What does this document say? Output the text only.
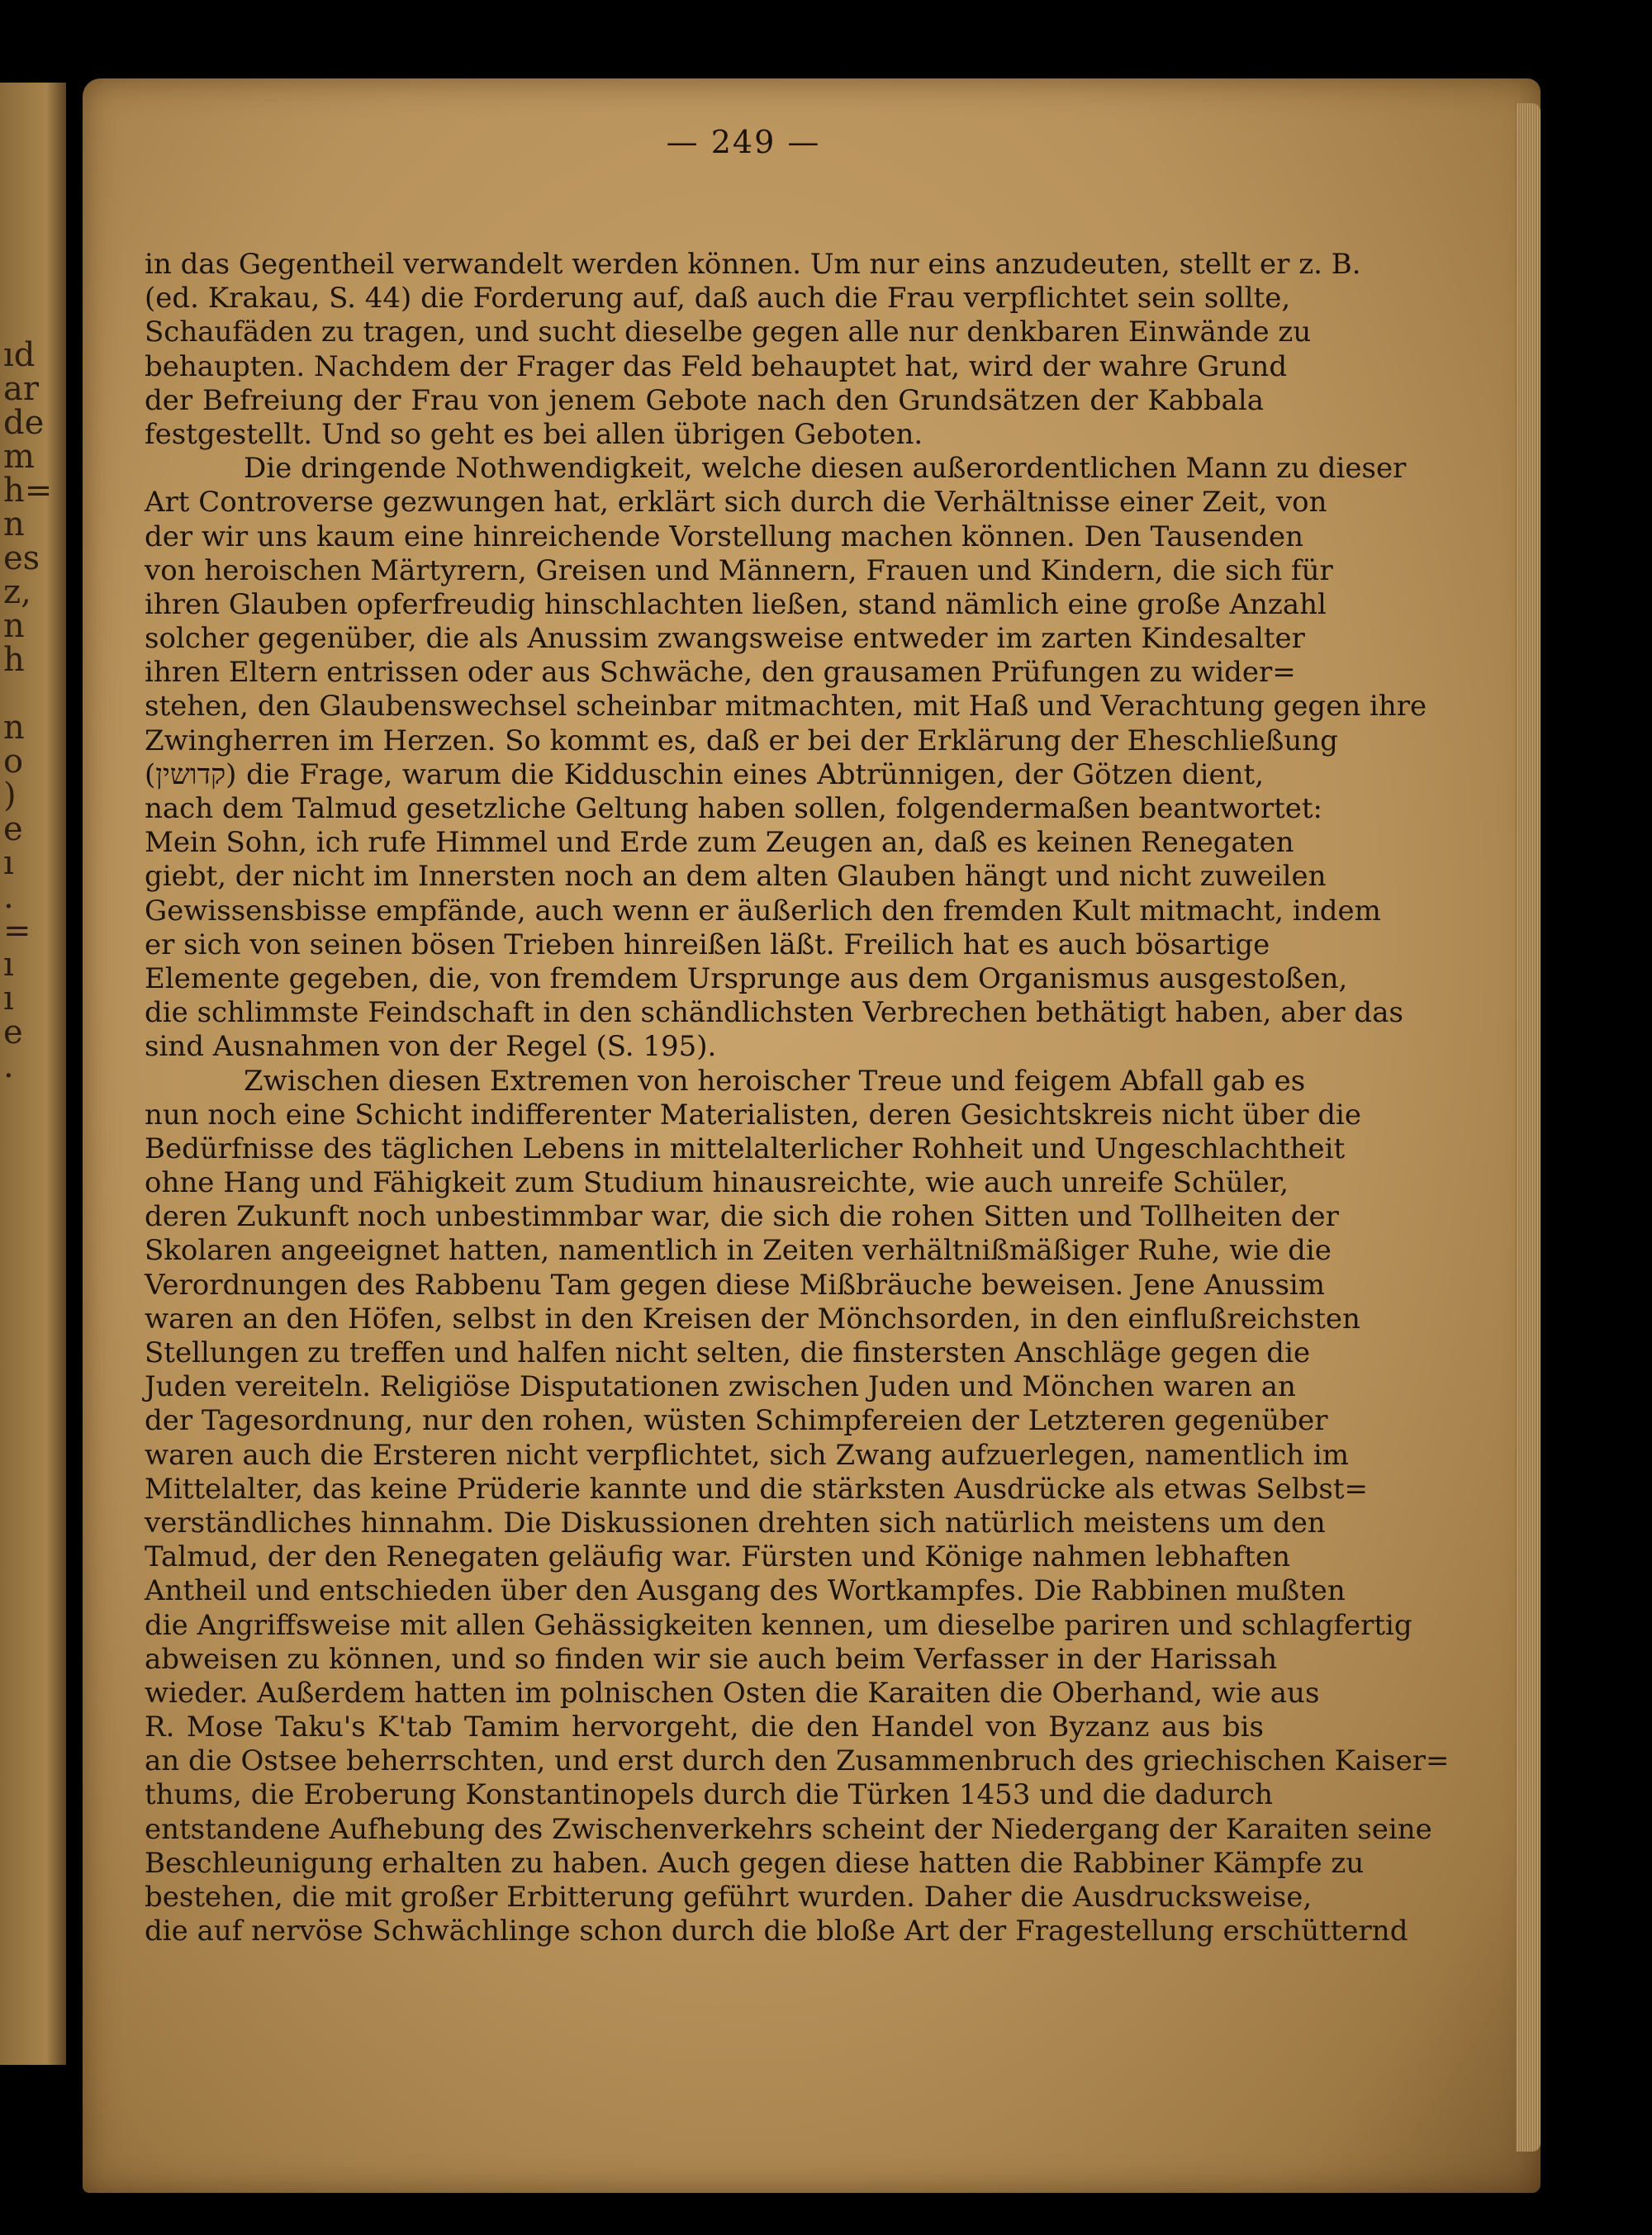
ıd
ar
de
m
h=
n
es
z,
n
h
n
o
)
e
ı
.
=
ı
ı
e
.
— 249 —
in das Gegentheil verwandelt werden können. Um nur eins anzudeuten, stellt er z. B.
(ed. Krakau, S. 44) die Forderung auf, daß auch die Frau verpflichtet sein sollte,
Schaufäden zu tragen, und sucht dieselbe gegen alle nur denkbaren Einwände zu
behaupten. Nachdem der Frager das Feld behauptet hat, wird der wahre Grund
der Befreiung der Frau von jenem Gebote nach den Grundsätzen der Kabbala
festgestellt. Und so geht es bei allen übrigen Geboten.
Die dringende Nothwendigkeit, welche diesen außerordentlichen Mann zu dieser
Art Controverse gezwungen hat, erklärt sich durch die Verhältnisse einer Zeit, von
der wir uns kaum eine hinreichende Vorstellung machen können. Den Tausenden
von heroischen Märtyrern, Greisen und Männern, Frauen und Kindern, die sich für
ihren Glauben opferfreudig hinschlachten ließen, stand nämlich eine große Anzahl
solcher gegenüber, die als Anussim zwangsweise entweder im zarten Kindesalter
ihren Eltern entrissen oder aus Schwäche, den grausamen Prüfungen zu wider=
stehen, den Glaubenswechsel scheinbar mitmachten, mit Haß und Verachtung gegen ihre
Zwingherren im Herzen. So kommt es, daß er bei der Erklärung der Eheschließung
(קדושין) die Frage, warum die Kiddusch​in eines Abtrünnigen, der Götzen dient,
nach dem Talmud gesetzliche Geltung haben sollen, folgendermaßen beantwortet:
Mein Sohn, ich rufe Himmel und Erde zum Zeugen an, daß es keinen Renegaten
giebt, der nicht im Innersten noch an dem alten Glauben hängt und nicht zuweilen
Gewissensbisse empfände, auch wenn er äußerlich den fremden Kult mitmacht, indem
er sich von seinen bösen Trieben hinreißen läßt. Freilich hat es auch bösartige
Elemente gegeben, die, von fremdem Ursprunge aus dem Organismus ausgestoßen,
die schlimmste Feindschaft in den schändlichsten Verbrechen bethätigt haben, aber das
sind Ausnahmen von der Regel (S. 195).
Zwischen diesen Extremen von heroischer Treue und feigem Abfall gab es
nun noch eine Schicht indifferenter Materialisten, deren Gesichtskreis nicht über die
Bedürfnisse des täglichen Lebens in mittelalterlicher Rohheit und Ungeschlachtheit
ohne Hang und Fähigkeit zum Studium hinausreichte, wie auch unreife Schüler,
deren Zukunft noch unbestimmbar war, die sich die rohen Sitten und Tollheiten der
Skolaren angeeignet hatten, namentlich in Zeiten verhältnißmäßiger Ruhe, wie die
Verordnungen des Rabbenu Tam gegen diese Mißbräuche beweisen. Jene Anussim
waren an den Höfen, selbst in den Kreisen der Mönchsorden, in den einflußreichsten
Stellungen zu treffen und halfen nicht selten, die finstersten Anschläge gegen die
Juden vereiteln. Religiöse Disputationen zwischen Juden und Mönchen waren an
der Tagesordnung, nur den rohen, wüsten Schimpfereien der Letzteren gegenüber
waren auch die Ersteren nicht verpflichtet, sich Zwang aufzuerlegen, namentlich im
Mittelalter, das keine Prüderie kannte und die stärksten Ausdrücke als etwas Selbst=
verständliches hinnahm. Die Diskussionen drehten sich natürlich meistens um den
Talmud, der den Renegaten geläufig war. Fürsten und Könige nahmen lebhaften
Antheil und entschieden über den Ausgang des Wortkampfes. Die Rabbinen mußten
die Angriffsweise mit allen Gehässigkeiten kennen, um dieselbe pariren und schlagfertig
abweisen zu können, und so finden wir sie auch beim Verfasser in der Harissah
wieder. Außerdem hatten im polnischen Osten die Karaiten die Oberhand, wie aus
R. Mose Taku's K'tab Tamim hervorgeht, die den Handel von Byzanz aus bis
an die Ostsee beherrschten, und erst durch den Zusammenbruch des griechischen Kaiser=
thums, die Eroberung Konstantinopels durch die Türken 1453 und die dadurch
entstandene Aufhebung des Zwischenverkehrs scheint der Niedergang der Karaiten seine
Beschleunigung erhalten zu haben. Auch gegen diese hatten die Rabbiner Kämpfe zu
bestehen, die mit großer Erbitterung geführt wurden. Daher die Ausdrucksweise,
die auf nervöse Schwächlinge schon durch die bloße Art der Fragestellung erschütternd
